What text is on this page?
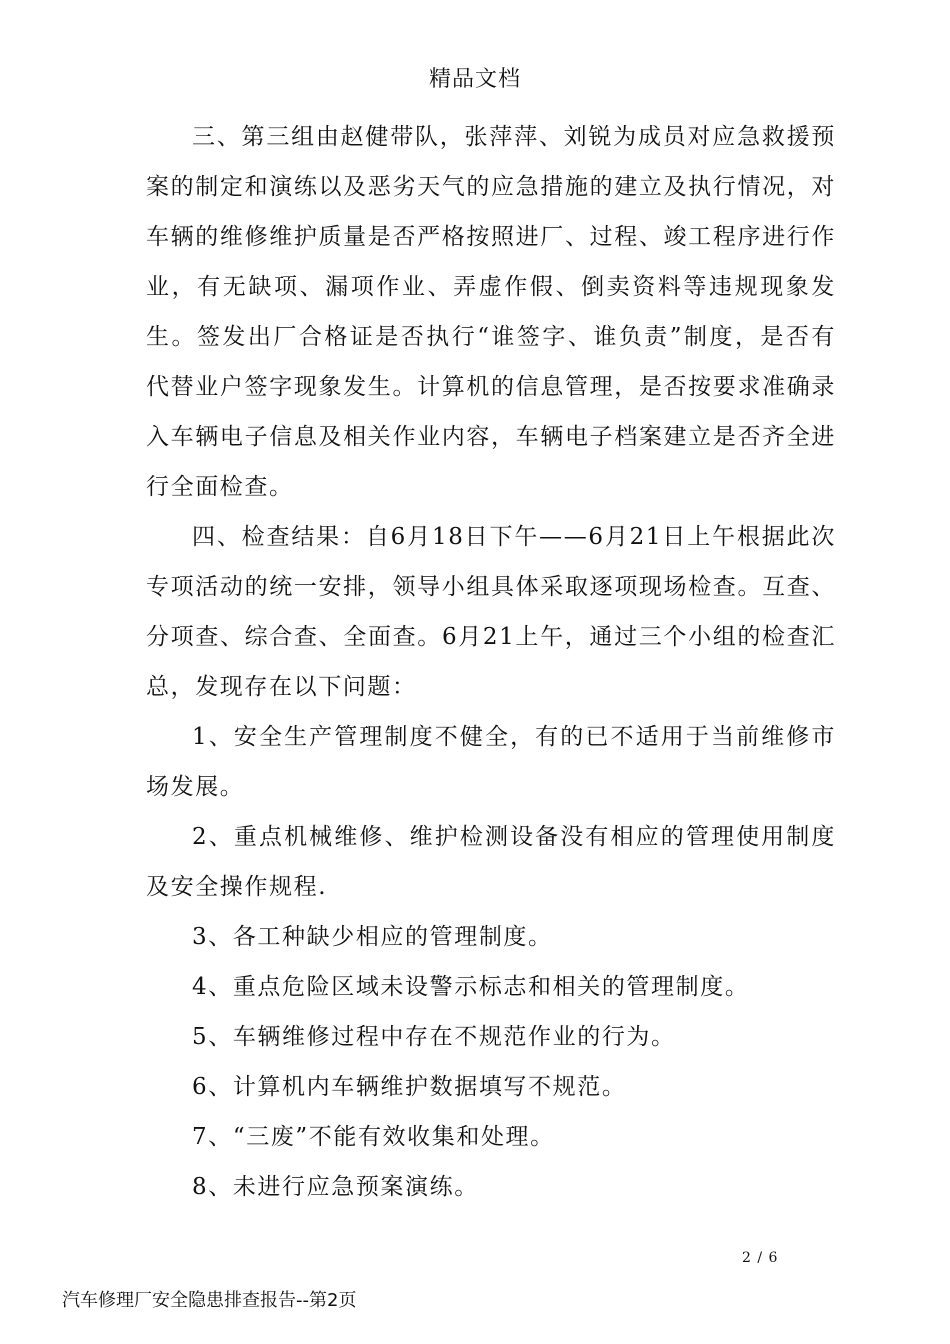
精品文档

三、第三组由赵健带队，张萍萍、刘锐为成员对应急救援预案的制定和演练以及恶劣天气的应急措施的建立及执行情况，对车辆的维修维护质量是否严格按照进厂、过程、竣工程序进行作业，有无缺项、漏项作业、弄虚作假、倒卖资料等违规现象发生。签发出厂合格证是否执行“谁签字、谁负责”制度，是否有代替业户签字现象发生。计算机的信息管理，是否按要求准确录入车辆电子信息及相关作业内容，车辆电子档案建立是否齐全进行全面检查。

四、检查结果：自6月18日下午——6月21日上午根据此次专项活动的统一安排，领导小组具体采取逐项现场检查。互查、分项查、综合查、全面查。6月21上午，通过三个小组的检查汇总，发现存在以下问题：

1、安全生产管理制度不健全，有的已不适用于当前维修市场发展。

2、重点机械维修、维护检测设备没有相应的管理使用制度及安全操作规程.

3、各工种缺少相应的管理制度。

4、重点危险区域未设警示标志和相关的管理制度。

5、车辆维修过程中存在不规范作业的行为。

6、计算机内车辆维护数据填写不规范。

7、“三废”不能有效收集和处理。

8、未进行应急预案演练。

2 / 6
汽车修理厂安全隐患排查报告--第2页
